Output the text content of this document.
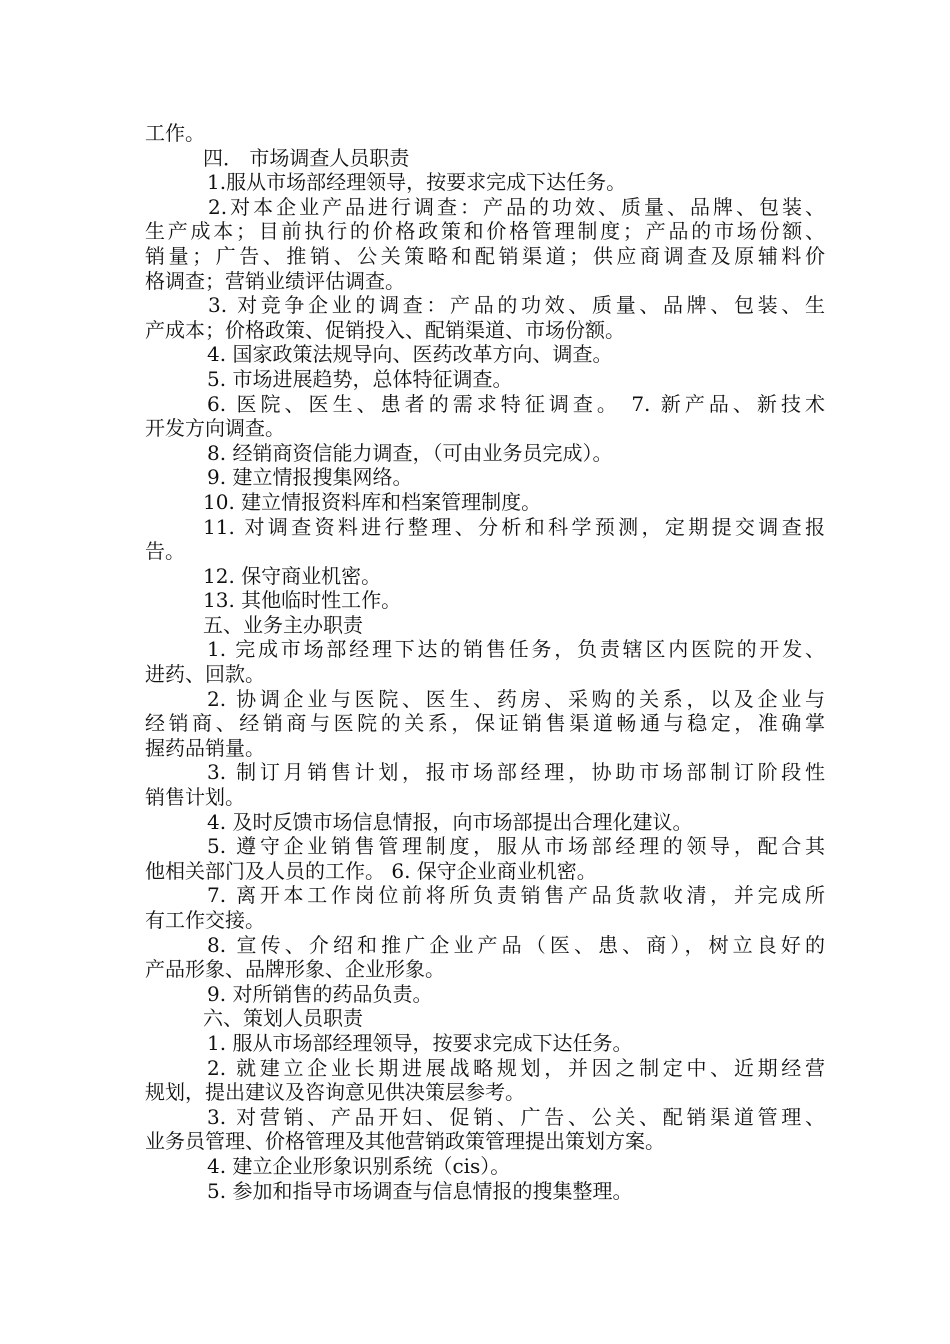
工作。
四． 市场调查人员职责
1.服从市场部经理领导，按要求完成下达任务。
2.对本企业产品进行调查：产品的功效、质量、品牌、包装、
生产成本；目前执行的价格政策和价格管理制度；产品的市场份额、
销量；广告、推销、公关策略和配销渠道；供应商调查及原辅料价
格调查；营销业绩评估调查。
3. 对竞争企业的调查：产品的功效、质量、品牌、包装、生
产成本；价格政策、促销投入、配销渠道、市场份额。
4. 国家政策法规导向、医药改革方向、调查。
5. 市场进展趋势，总体特征调查。
6. 医院、医生、患者的需求特征调查。 7. 新产品、新技术
开发方向调查。
8. 经销商资信能力调查，（可由业务员完成）。
9. 建立情报搜集网络。
10. 建立情报资料库和档案管理制度。
11. 对调查资料进行整理、分析和科学预测，定期提交调查报
告。
12. 保守商业机密。
13. 其他临时性工作。
五、业务主办职责
1. 完成市场部经理下达的销售任务，负责辖区内医院的开发、
进药、回款。
2. 协调企业与医院、医生、药房、采购的关系，以及企业与
经销商、经销商与医院的关系，保证销售渠道畅通与稳定，准确掌
握药品销量。
3. 制订月销售计划，报市场部经理，协助市场部制订阶段性
销售计划。
4. 及时反馈市场信息情报，向市场部提出合理化建议。
5. 遵守企业销售管理制度，服从市场部经理的领导，配合其
他相关部门及人员的工作。 6. 保守企业商业机密。
7. 离开本工作岗位前将所负责销售产品货款收清，并完成所
有工作交接。
8. 宣传、介绍和推广企业产品（医、患、商），树立良好的
产品形象、品牌形象、企业形象。
9. 对所销售的药品负责。
六、策划人员职责
1. 服从市场部经理领导，按要求完成下达任务。
2. 就建立企业长期进展战略规划，并因之制定中、近期经营
规划，提出建议及咨询意见供决策层参考。
3. 对营销、产品开妇、促销、广告、公关、配销渠道管理、
业务员管理、价格管理及其他营销政策管理提出策划方案。
4. 建立企业形象识别系统（cis）。
5. 参加和指导市场调查与信息情报的搜集整理。
